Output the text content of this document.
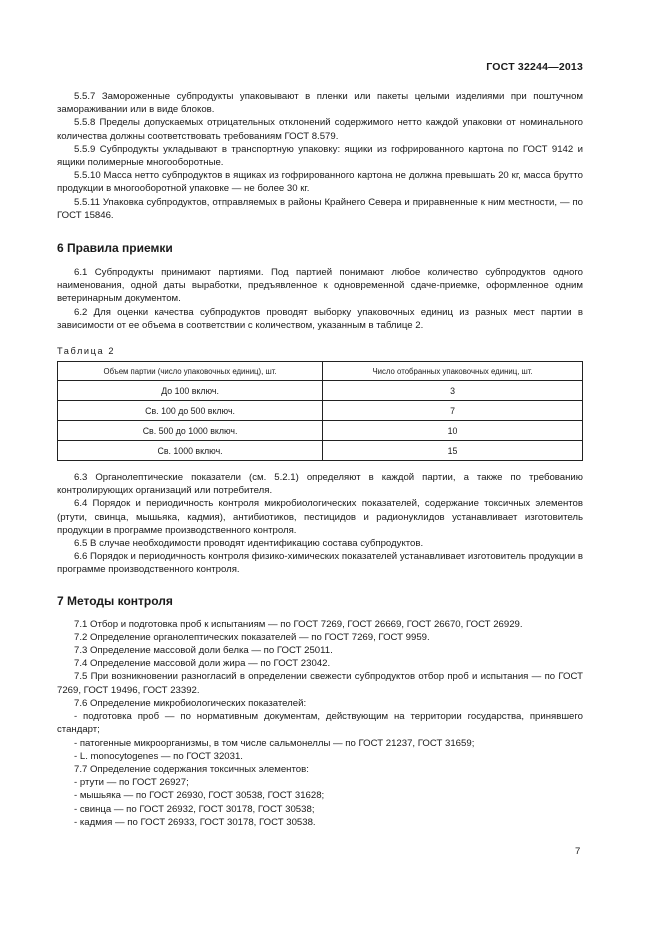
ГОСТ 32244—2013

5.5.7 Замороженные субпродукты упаковывают в пленки или пакеты целыми изделиями при поштучном замораживании или в виде блоков.

5.5.8 Пределы допускаемых отрицательных отклонений содержимого нетто каждой упаковки от номинального количества должны соответствовать требованиям ГОСТ 8.579.

5.5.9 Субпродукты укладывают в транспортную упаковку: ящики из гофрированного картона по ГОСТ 9142 и ящики полимерные многооборотные.

5.5.10 Масса нетто субпродуктов в ящиках из гофрированного картона не должна превышать 20 кг, масса брутто продукции в многооборотной упаковке — не более 30 кг.

5.5.11 Упаковка субпродуктов, отправляемых в районы Крайнего Севера и приравненные к ним местности, — по ГОСТ 15846.

6 Правила приемки

6.1 Субпродукты принимают партиями. Под партией понимают любое количество субпродуктов одного наименования, одной даты выработки, предъявленное к одновременной сдаче-приемке, оформленное одним ветеринарным документом.

6.2 Для оценки качества субпродуктов проводят выборку упаковочных единиц из разных мест партии в зависимости от ее объема в соответствии с количеством, указанным в таблице 2.

Таблица 2

Объем партии (число упаковочных единиц), шт.	Число отобранных упаковочных единиц, шт.
До 100 включ.	3
Св. 100 до 500 включ.	7
Св. 500 до 1000 включ.	10
Св. 1000 включ.	15

6.3 Органолептические показатели (см. 5.2.1) определяют в каждой партии, а также по требованию контролирующих организаций или потребителя.

6.4 Порядок и периодичность контроля микробиологических показателей, содержание токсичных элементов (ртути, свинца, мышьяка, кадмия), антибиотиков, пестицидов и радионуклидов устанавливает изготовитель продукции в программе производственного контроля.

6.5 В случае необходимости проводят идентификацию состава субпродуктов.

6.6 Порядок и периодичность контроля физико-химических показателей устанавливает изготовитель продукции в программе производственного контроля.

7 Методы контроля

7.1 Отбор и подготовка проб к испытаниям — по ГОСТ 7269, ГОСТ 26669, ГОСТ 26670, ГОСТ 26929.

7.2 Определение органолептических показателей — по ГОСТ 7269, ГОСТ 9959.

7.3 Определение массовой доли белка — по ГОСТ 25011.

7.4 Определение массовой доли жира — по ГОСТ 23042.

7.5 При возникновении разногласий в определении свежести субпродуктов отбор проб и испытания — по ГОСТ 7269, ГОСТ 19496, ГОСТ 23392.

7.6 Определение микробиологических показателей:

- подготовка проб — по нормативным документам, действующим на территории государства, принявшего стандарт;

- патогенные микроорганизмы, в том числе сальмонеллы — по ГОСТ 21237, ГОСТ 31659;

- L. monocytogenes — по ГОСТ 32031.

7.7 Определение содержания токсичных элементов:

- ртути — по ГОСТ 26927;

- мышьяка — по ГОСТ 26930, ГОСТ 30538, ГОСТ 31628;

- свинца — по ГОСТ 26932, ГОСТ 30178, ГОСТ 30538;

- кадмия — по ГОСТ 26933, ГОСТ 30178, ГОСТ 30538.

7
